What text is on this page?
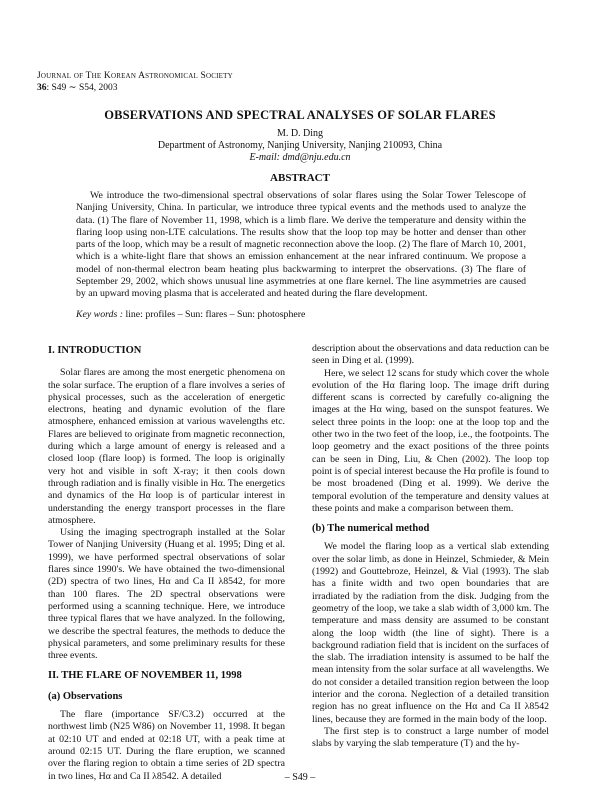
Journal of The Korean Astronomical Society
36: S49 ∼ S54, 2003
OBSERVATIONS AND SPECTRAL ANALYSES OF SOLAR FLARES
M. D. Ding
Department of Astronomy, Nanjing University, Nanjing 210093, China
E-mail: dmd@nju.edu.cn
ABSTRACT
We introduce the two-dimensional spectral observations of solar flares using the Solar Tower Telescope of Nanjing University, China. In particular, we introduce three typical events and the methods used to analyze the data. (1) The flare of November 11, 1998, which is a limb flare. We derive the temperature and density within the flaring loop using non-LTE calculations. The results show that the loop top may be hotter and denser than other parts of the loop, which may be a result of magnetic reconnection above the loop. (2) The flare of March 10, 2001, which is a white-light flare that shows an emission enhancement at the near infrared continuum. We propose a model of non-thermal electron beam heating plus backwarming to interpret the observations. (3) The flare of September 29, 2002, which shows unusual line asymmetries at one flare kernel. The line asymmetries are caused by an upward moving plasma that is accelerated and heated during the flare development.
Key words : line: profiles – Sun: flares – Sun: photosphere
I. INTRODUCTION

Solar flares are among the most energetic phenomena on the solar surface. The eruption of a flare involves a series of physical processes, such as the acceleration of energetic electrons, heating and dynamic evolution of the flare atmosphere, enhanced emission at various wavelengths etc. Flares are believed to originate from magnetic reconnection, during which a large amount of energy is released and a closed loop (flare loop) is formed. The loop is originally very hot and visible in soft X-ray; it then cools down through radiation and is finally visible in Hα. The energetics and dynamics of the Hα loop is of particular interest in understanding the energy transport processes in the flare atmosphere.

Using the imaging spectrograph installed at the Solar Tower of Nanjing University (Huang et al. 1995; Ding et al. 1999), we have performed spectral observations of solar flares since 1990's. We have obtained the two-dimensional (2D) spectra of two lines, Hα and Ca II λ8542, for more than 100 flares. The 2D spectral observations were performed using a scanning technique. Here, we introduce three typical flares that we have analyzed. In the following, we describe the spectral features, the methods to deduce the physical parameters, and some preliminary results for these three events.

II. THE FLARE OF NOVEMBER 11, 1998
(a) Observations

The flare (importance SF/C3.2) occurred at the northwest limb (N25 W86) on November 11, 1998. It began at 02:10 UT and ended at 02:18 UT, with a peak time at around 02:15 UT. During the flare eruption, we scanned over the flaring region to obtain a time series of 2D spectra in two lines, Hα and Ca II λ8542. A detailed

description about the observations and data reduction can be seen in Ding et al. (1999).

Here, we select 12 scans for study which cover the whole evolution of the Hα flaring loop. The image drift during different scans is corrected by carefully co-aligning the images at the Hα wing, based on the sunspot features. We select three points in the loop: one at the loop top and the other two in the two feet of the loop, i.e., the footpoints. The loop geometry and the exact positions of the three points can be seen in Ding, Liu, & Chen (2002). The loop top point is of special interest because the Hα profile is found to be most broadened (Ding et al. 1999). We derive the temporal evolution of the temperature and density values at these points and make a comparison between them.

(b) The numerical method

We model the flaring loop as a vertical slab extending over the solar limb, as done in Heinzel, Schmieder, & Mein (1992) and Gouttebroze, Heinzel, & Vial (1993). The slab has a finite width and two open boundaries that are irradiated by the radiation from the disk. Judging from the geometry of the loop, we take a slab width of 3,000 km. The temperature and mass density are assumed to be constant along the loop width (the line of sight). There is a background radiation field that is incident on the surfaces of the slab. The irradiation intensity is assumed to be half the mean intensity from the solar surface at all wavelengths. We do not consider a detailed transition region between the loop interior and the corona. Neglection of a detailed transition region has no great influence on the Hα and Ca II λ8542 lines, because they are formed in the main body of the loop.

The first step is to construct a large number of model slabs by varying the slab temperature (T) and the hy-

– S49 –
